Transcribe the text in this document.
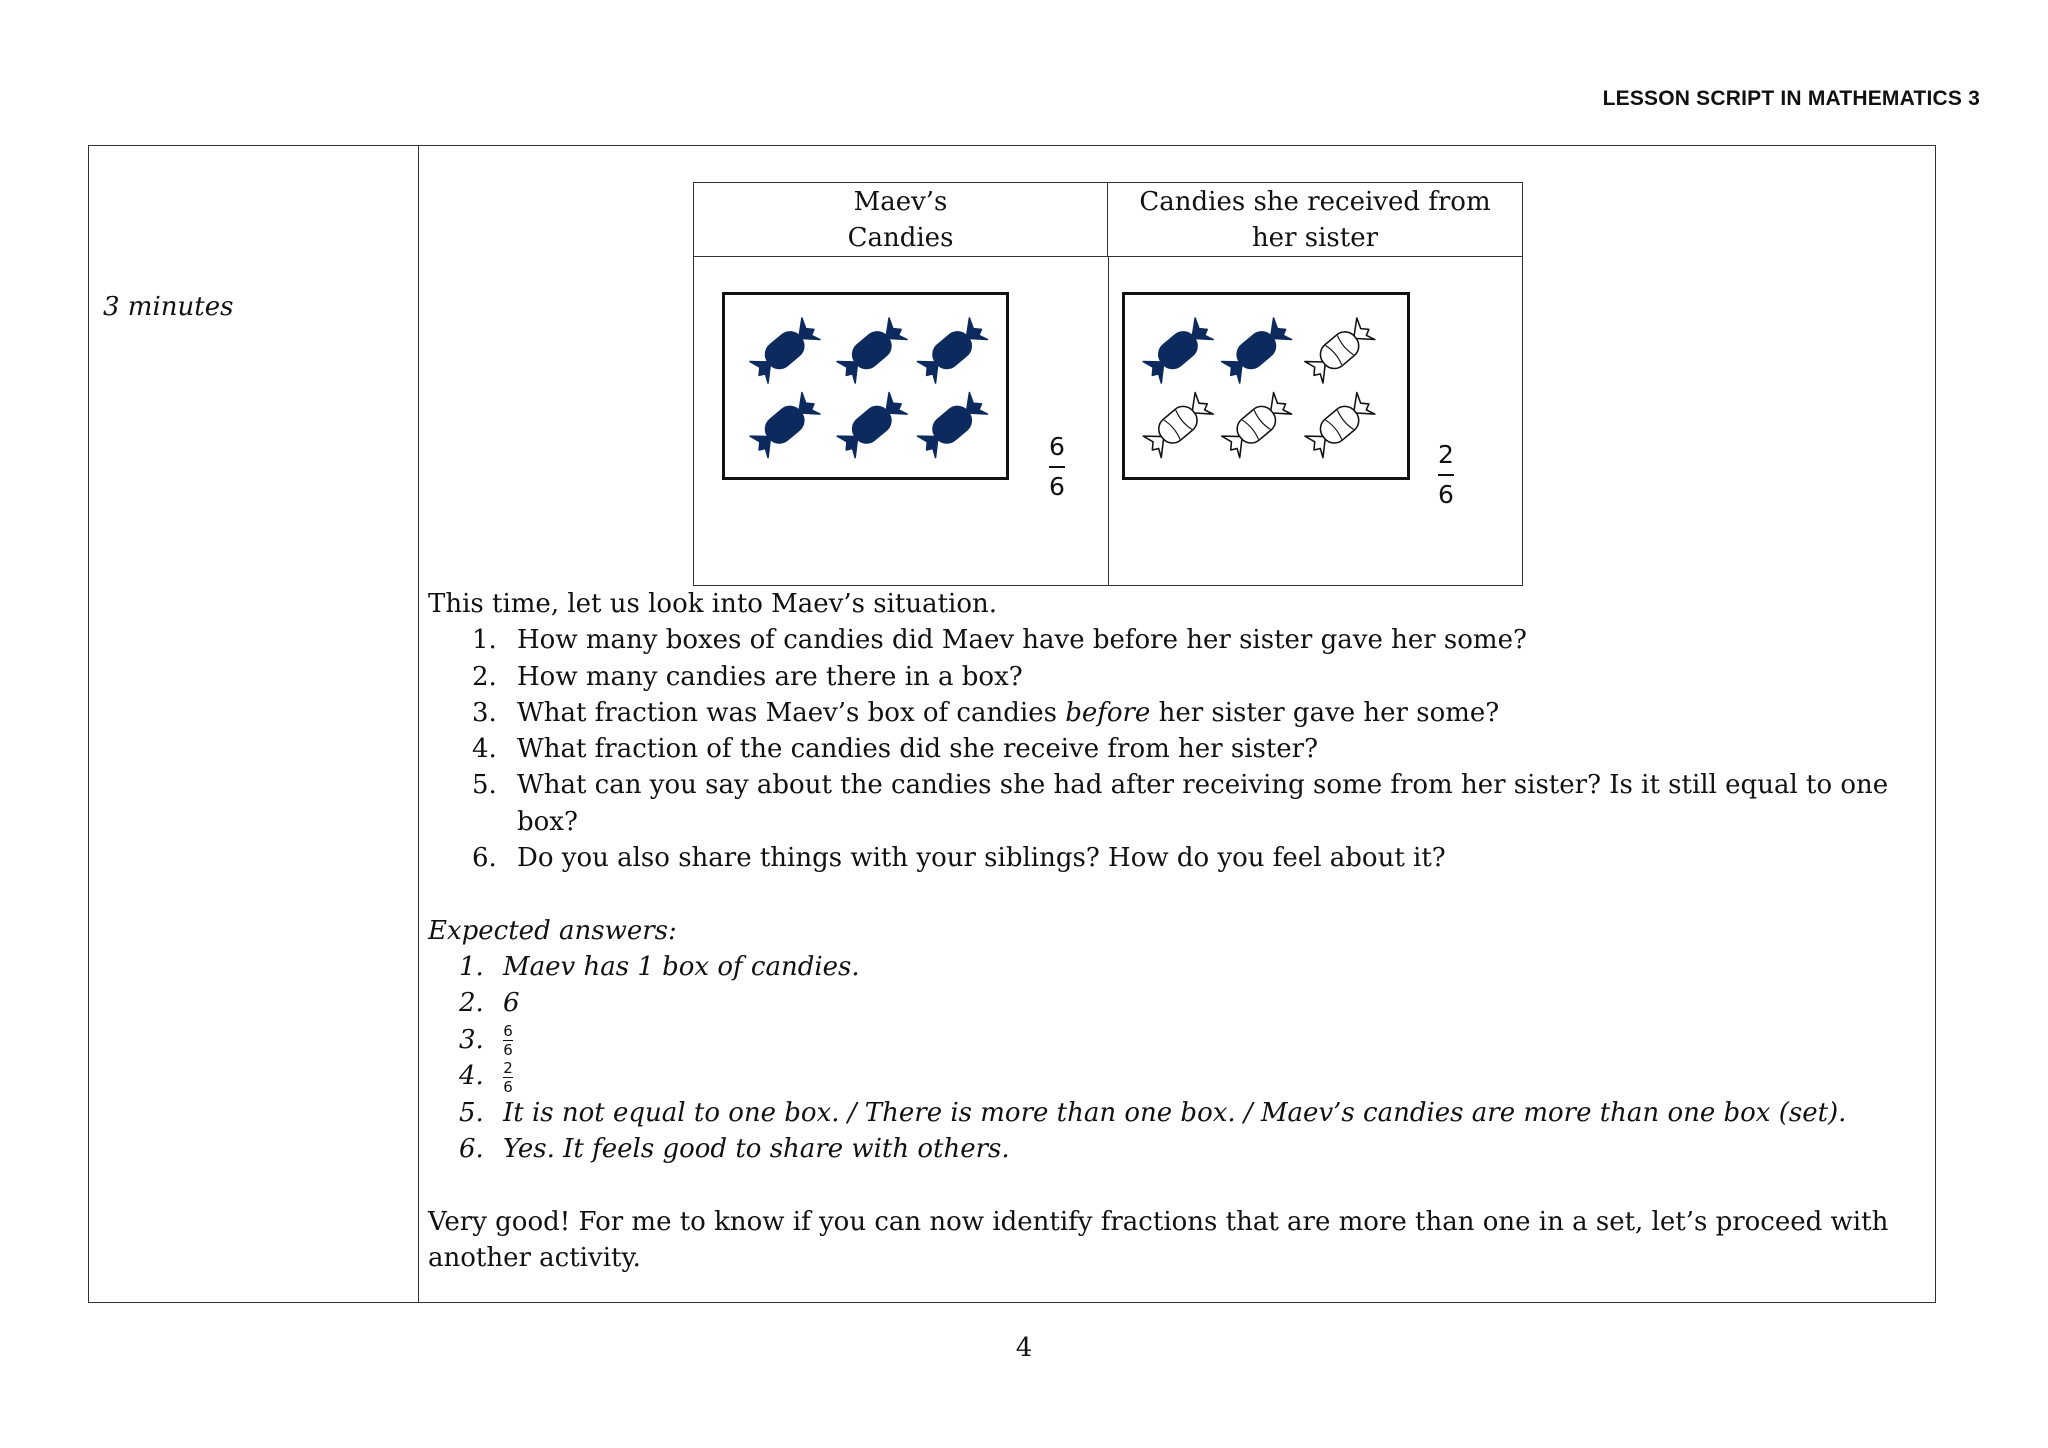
LESSON SCRIPT IN MATHEMATICS 3
3 minutes
Maev’s
Candies
Candies she received from
her sister
6
6
2
6

This time, let us look into Maev’s situation.

1. How many boxes of candies did Maev have before her sister gave her some?
2. How many candies are there in a box?
3. What fraction was Maev’s box of candies before her sister gave her some?
4. What fraction of the candies did she receive from her sister?
5. What can you say about the candies she had after receiving some from her sister? Is it still equal to one box?
6. Do you also share things with your siblings? How do you feel about it?

Expected answers:

1. Maev has 1 box of candies.
2. 6
3. $\frac{6}{6}$
4. $\frac{2}{6}$
5. It is not equal to one box. / There is more than one box. / Maev’s candies are more than one box (set).
6. Yes. It feels good to share with others.

Very good! For me to know if you can now identify fractions that are more than one in a set, let’s proceed with another activity.

4
